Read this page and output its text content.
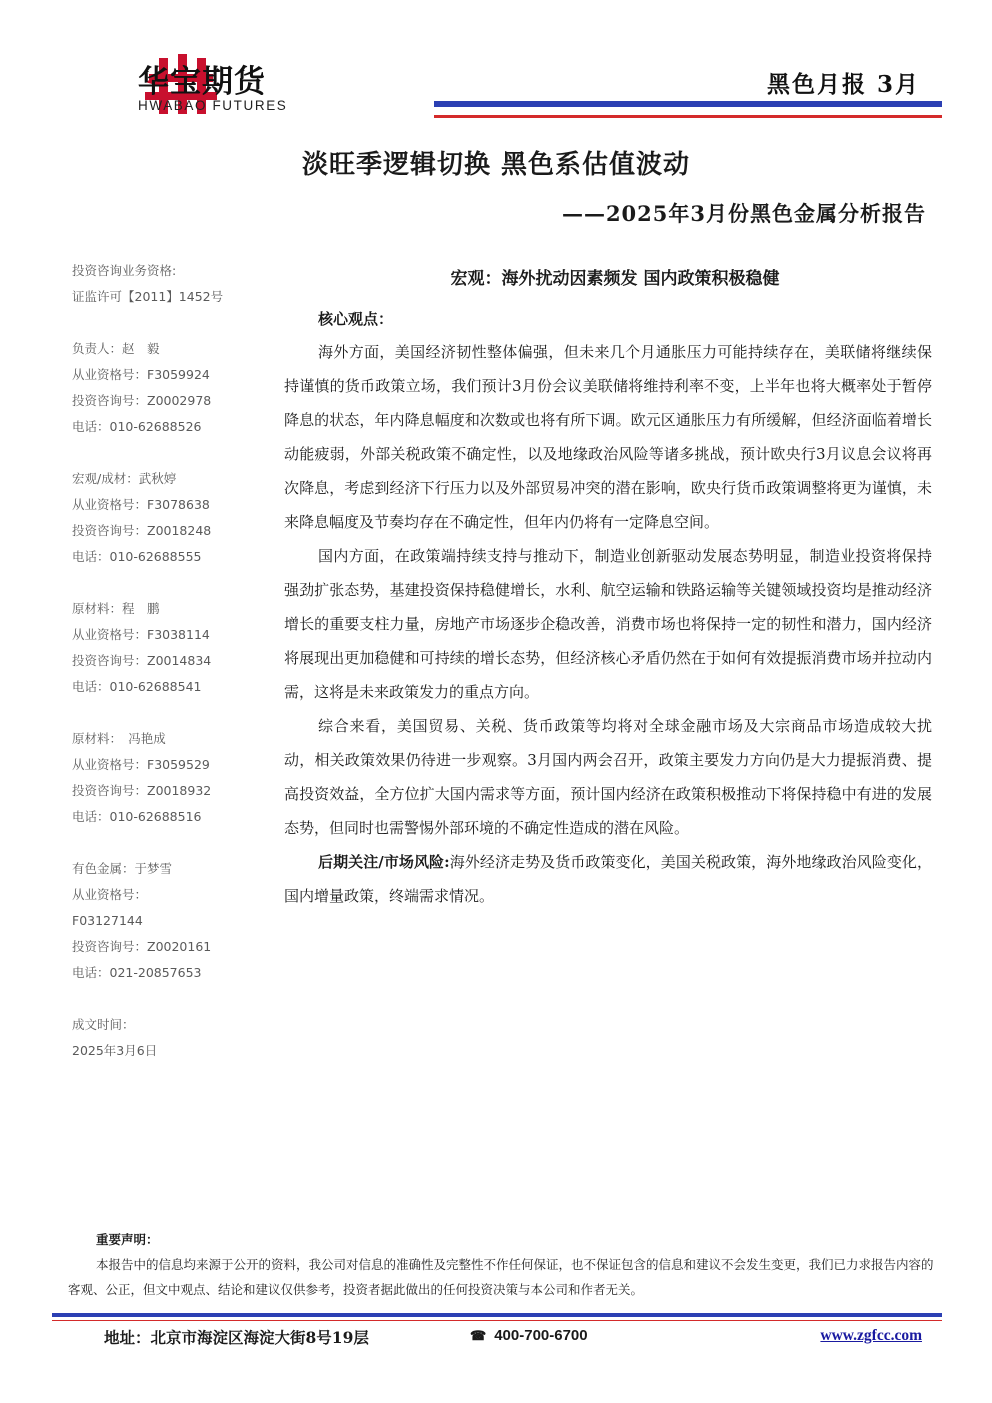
华宝期货
HWABAO FUTURES
黑色月报 3月
淡旺季逻辑切换 黑色系估值波动
——2025年3月份黑色金属分析报告
投资咨询业务资格:
证监许可【2011】1452号
负责人：赵　毅
从业资格号：F3059924
投资咨询号：Z0002978
电话：010-62688526
宏观/成材：武秋婷
从业资格号：F3078638
投资咨询号：Z0018248
电话：010-62688555
原材料：程　鹏
从业资格号：F3038114
投资咨询号：Z0014834
电话：010-62688541
原材料：　冯艳成
从业资格号：F3059529
投资咨询号：Z0018932
电话：010-62688516
有色金属：于梦雪
从业资格号：
F03127144
投资咨询号：Z0020161
电话：021-20857653
成文时间：
2025年3月6日
宏观：海外扰动因素频发 国内政策积极稳健
核心观点：

海外方面，美国经济韧性整体偏强，但未来几个月通胀压力可能持续存在，美联储将继续保持谨慎的货币政策立场，我们预计3月份会议美联储将维持利率不变，上半年也将大概率处于暂停降息的状态，年内降息幅度和次数或也将有所下调。欧元区通胀压力有所缓解，但经济面临着增长动能疲弱，外部关税政策不确定性，以及地缘政治风险等诸多挑战，预计欧央行3月议息会议将再次降息，考虑到经济下行压力以及外部贸易冲突的潜在影响，欧央行货币政策调整将更为谨慎，未来降息幅度及节奏均存在不确定性，但年内仍将有一定降息空间。

国内方面，在政策端持续支持与推动下，制造业创新驱动发展态势明显，制造业投资将保持强劲扩张态势，基建投资保持稳健增长，水利、航空运输和铁路运输等关键领域投资均是推动经济增长的重要支柱力量，房地产市场逐步企稳改善，消费市场也将保持一定的韧性和潜力，国内经济将展现出更加稳健和可持续的增长态势，但经济核心矛盾仍然在于如何有效提振消费市场并拉动内需，这将是未来政策发力的重点方向。

综合来看，美国贸易、关税、货币政策等均将对全球金融市场及大宗商品市场造成较大扰动，相关政策效果仍待进一步观察。3月国内两会召开，政策主要发力方向仍是大力提振消费、提高投资效益，全方位扩大国内需求等方面，预计国内经济在政策积极推动下将保持稳中有进的发展态势，但同时也需警惕外部环境的不确定性造成的潜在风险。

后期关注/市场风险:海外经济走势及货币政策变化，美国关税政策，海外地缘政治风险变化，国内增量政策，终端需求情况。

重要声明：
本报告中的信息均来源于公开的资料，我公司对信息的准确性及完整性不作任何保证，也不保证包含的信息和建议不会发生变更，我们已力求报告内容的客观、公正，但文中观点、结论和建议仅供参考，投资者据此做出的任何投资决策与本公司和作者无关。
地址：北京市海淀区海淀大街8号19层	☎ 400-700-6700	www.zgfcc.com
